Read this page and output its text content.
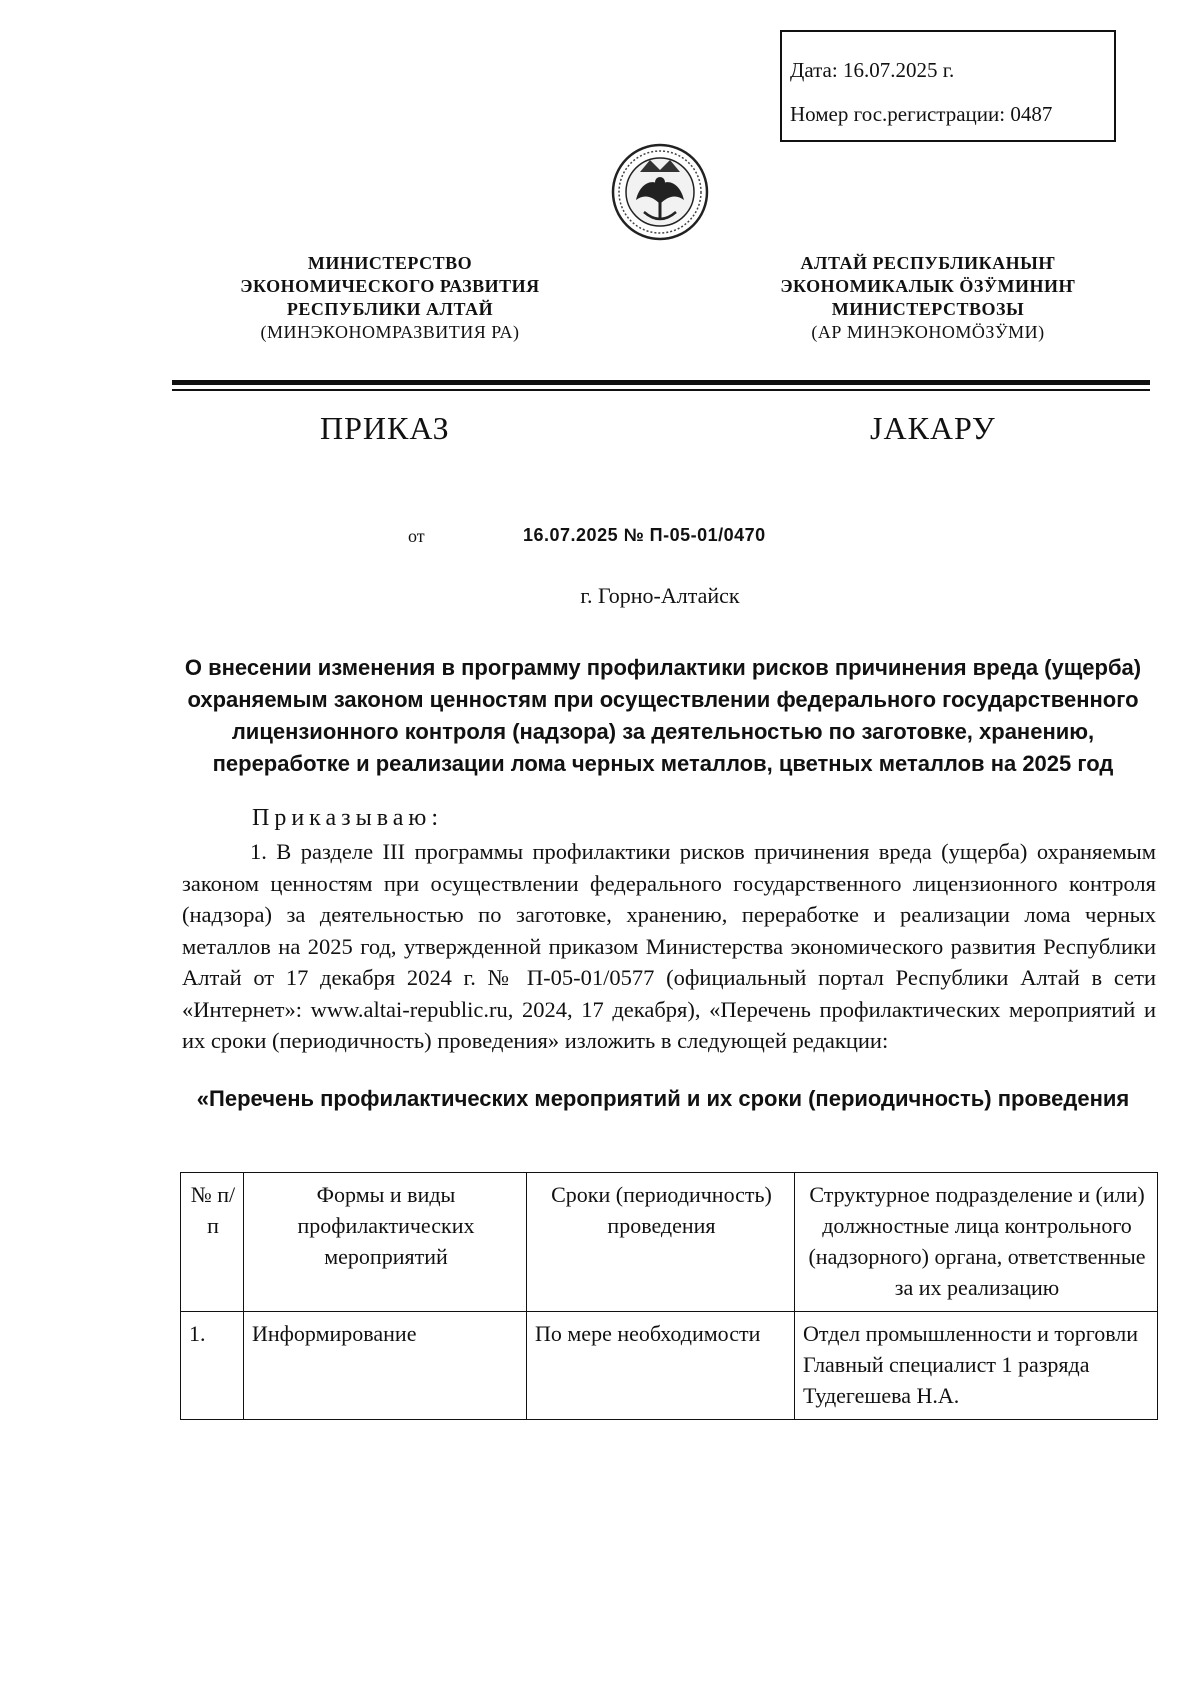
Дата: 16.07.2025 г.
Номер гос.регистрации: 0487
МИНИСТЕРСТВО
ЭКОНОМИЧЕСКОГО РАЗВИТИЯ
РЕСПУБЛИКИ АЛТАЙ
(МИНЭКОНОМРАЗВИТИЯ РА)
АЛТАЙ РЕСПУБЛИКАНЫҤ
ЭКОНОМИКАЛЫК ÖЗӰМИНИҤ
МИНИСТЕРСТВОЗЫ
(АР МИНЭКОНОМÖЗӰМИ)
ПРИКАЗ	JАКАРУ
от	16.07.2025 № П-05-01/0470
г. Горно-Алтайск
О внесении изменения в программу профилактики рисков причинения вреда (ущерба) охраняемым законом ценностям при осуществлении федерального государственного лицензионного контроля (надзора) за деятельностью по заготовке, хранению, переработке и реализации лома черных металлов, цветных металлов на 2025 год
Приказываю:
1. В разделе III программы профилактики рисков причинения вреда (ущерба) охраняемым законом ценностям при осуществлении федерального государственного лицензионного контроля (надзора) за деятельностью по заготовке, хранению, переработке и реализации лома черных металлов на 2025 год, утвержденной приказом Министерства экономического развития Республики Алтай от 17 декабря 2024 г. № П-05-01/0577 (официальный портал Республики Алтай в сети «Интернет»: www.altai-republic.ru, 2024, 17 декабря), «Перечень профилактических мероприятий и их сроки (периодичность) проведения» изложить в следующей редакции:
«Перечень профилактических мероприятий и их сроки (периодичность) проведения
№ п/п	Формы и виды профилактических мероприятий	Сроки (периодичность) проведения	Структурное подразделение и (или) должностные лица контрольного (надзорного) органа, ответственные за их реализацию
1.	Информирование	По мере необходимости	Отдел промышленности и торговли
Главный специалист 1 разряда Тудегешева Н.А.
